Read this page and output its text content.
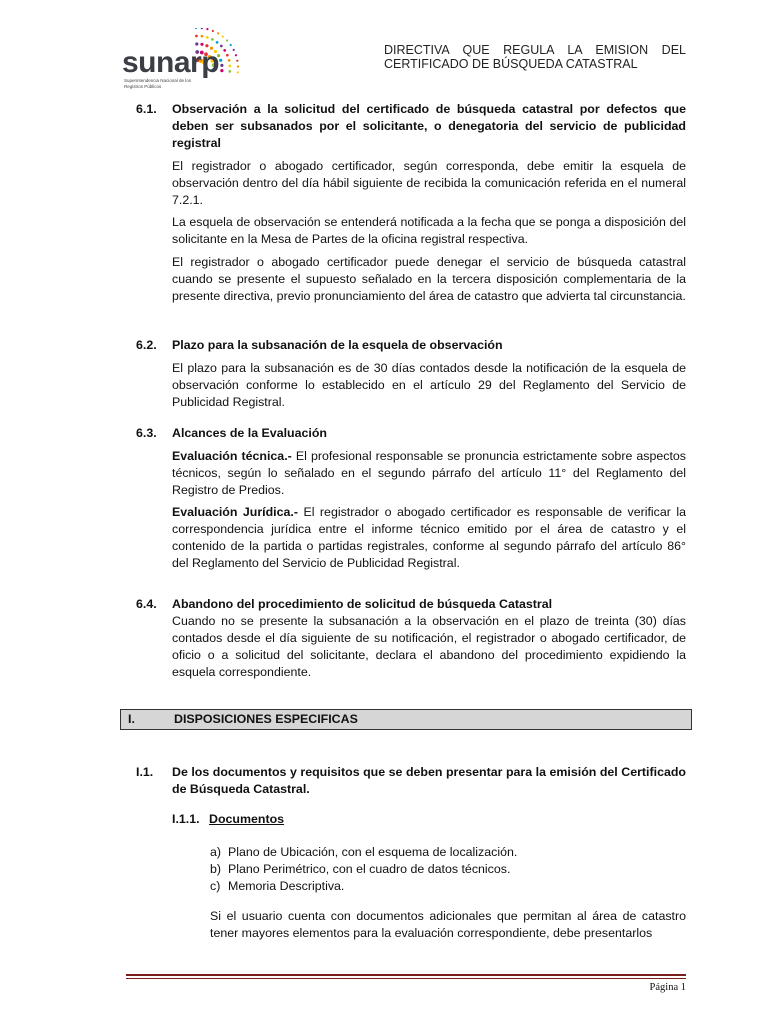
sunarp
Superintendencia Nacional de los Registros Públicos
DIRECTIVA QUE REGULA LA EMISION DEL
CERTIFICADO DE BÚSQUEDA CATASTRAL
6.1. Observación a la solicitud del certificado de búsqueda catastral por defectos que deben ser subsanados por el solicitante, o denegatoria del servicio de publicidad registral
El registrador o abogado certificador, según corresponda, debe emitir la esquela de observación dentro del día hábil siguiente de recibida la comunicación referida en el numeral 7.2.1.
La esquela de observación se entenderá notificada a la fecha que se ponga a disposición del solicitante en la Mesa de Partes de la oficina registral respectiva.
El registrador o abogado certificador puede denegar el servicio de búsqueda catastral cuando se presente el supuesto señalado en la tercera disposición complementaria de la presente directiva, previo pronunciamiento del área de catastro que advierta tal circunstancia.
6.2. Plazo para la subsanación de la esquela de observación
El plazo para la subsanación es de 30 días contados desde la notificación de la esquela de observación conforme lo establecido en el artículo 29 del Reglamento del Servicio de Publicidad Registral.
6.3. Alcances de la Evaluación
Evaluación técnica.- El profesional responsable se pronuncia estrictamente sobre aspectos técnicos, según lo señalado en el segundo párrafo del artículo 11° del Reglamento del Registro de Predios.
Evaluación Jurídica.- El registrador o abogado certificador es responsable de verificar la correspondencia jurídica entre el informe técnico emitido por el área de catastro y el contenido de la partida o partidas registrales, conforme al segundo párrafo del artículo 86° del Reglamento del Servicio de Publicidad Registral.
6.4. Abandono del procedimiento de solicitud de búsqueda Catastral
Cuando no se presente la subsanación a la observación en el plazo de treinta (30) días contados desde el día siguiente de su notificación, el registrador o abogado certificador, de oficio o a solicitud del solicitante, declara el abandono del procedimiento expidiendo la esquela correspondiente.
I.	DISPOSICIONES ESPECIFICAS
I.1. De los documentos y requisitos que se deben presentar para la emisión del Certificado de Búsqueda Catastral.
I.1.1. Documentos
a) Plano de Ubicación, con el esquema de localización.
b) Plano Perimétrico, con el cuadro de datos técnicos.
c) Memoria Descriptiva.
Si el usuario cuenta con documentos adicionales que permitan al área de catastro tener mayores elementos para la evaluación correspondiente, debe presentarlos
Página 1
